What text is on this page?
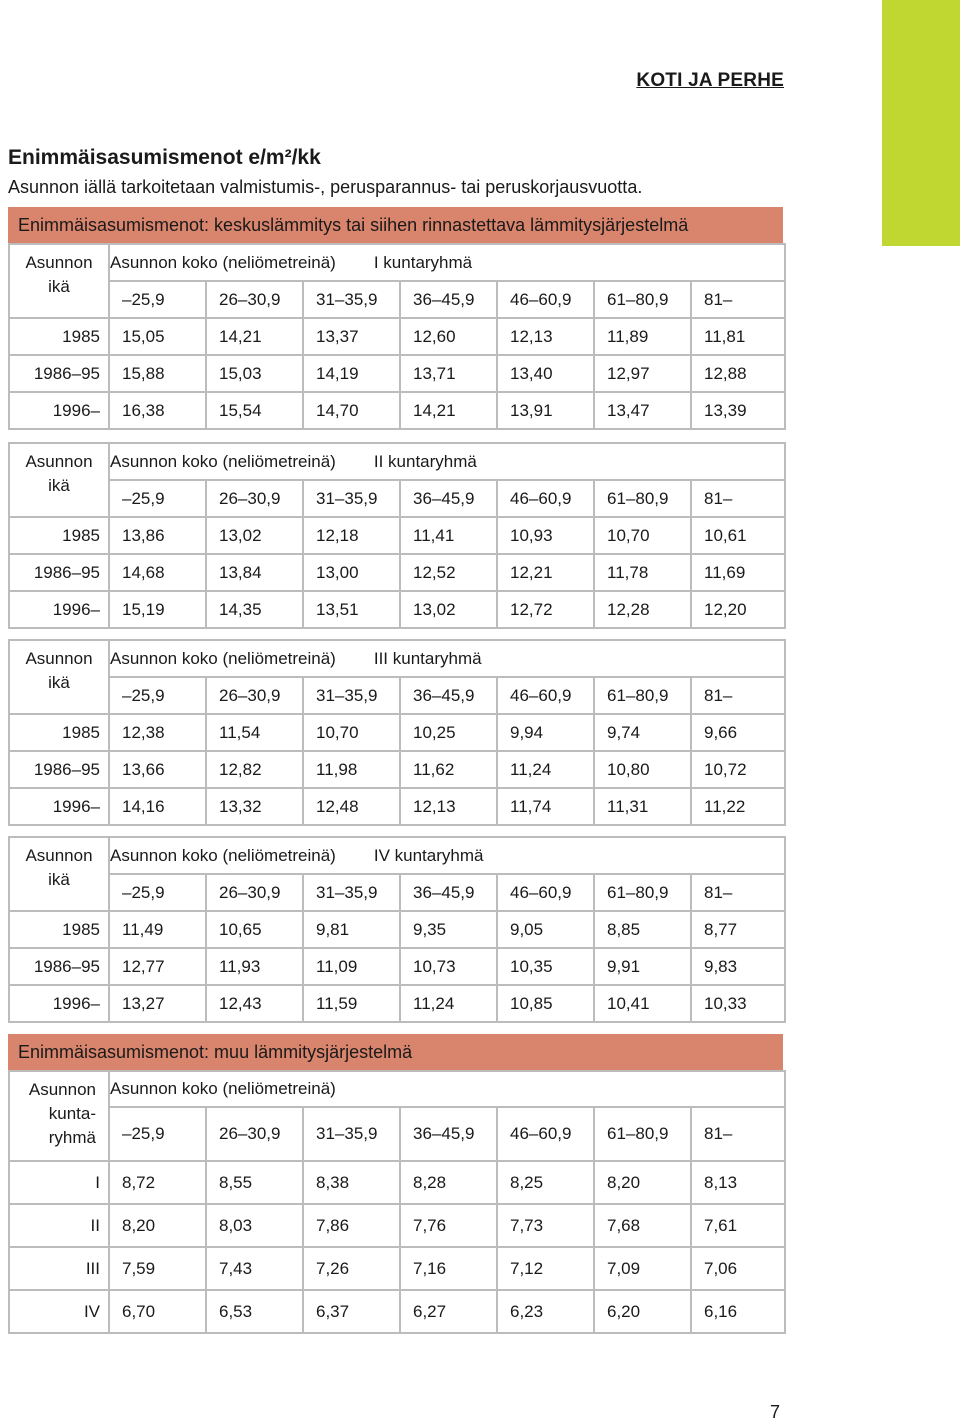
KOTI JA PERHE
Enimmäisasumismenot e/m²/kk
Asunnon iällä tarkoitetaan valmistumis-, perusparannus- tai peruskorjausvuotta.
Enimmäisasumismenot: keskuslämmitys tai siihen rinnastettava lämmitysjärjestelmä
Asunnon
ikä	Asunnon koko (neliömetreinä) I kuntaryhmä						
	–25,9	26–30,9	31–35,9	36–45,9	46–60,9	61–80,9	81–
1985	15,05	14,21	13,37	12,60	12,13	11,89	11,81
1986–95	15,88	15,03	14,19	13,71	13,40	12,97	12,88
1996–	16,38	15,54	14,70	14,21	13,91	13,47	13,39
Asunnon
ikä	Asunnon koko (neliömetreinä) II kuntaryhmä						
	–25,9	26–30,9	31–35,9	36–45,9	46–60,9	61–80,9	81–
1985	13,86	13,02	12,18	11,41	10,93	10,70	10,61
1986–95	14,68	13,84	13,00	12,52	12,21	11,78	11,69
1996–	15,19	14,35	13,51	13,02	12,72	12,28	12,20
Asunnon
ikä	Asunnon koko (neliömetreinä) III kuntaryhmä						
	–25,9	26–30,9	31–35,9	36–45,9	46–60,9	61–80,9	81–
1985	12,38	11,54	10,70	10,25	9,94	9,74	9,66
1986–95	13,66	12,82	11,98	11,62	11,24	10,80	10,72
1996–	14,16	13,32	12,48	12,13	11,74	11,31	11,22
Asunnon
ikä	Asunnon koko (neliömetreinä) IV kuntaryhmä						
	–25,9	26–30,9	31–35,9	36–45,9	46–60,9	61–80,9	81–
1985	11,49	10,65	9,81	9,35	9,05	8,85	8,77
1986–95	12,77	11,93	11,09	10,73	10,35	9,91	9,83
1996–	13,27	12,43	11,59	11,24	10,85	10,41	10,33
Enimmäisasumismenot: muu lämmitysjärjestelmä
Asunnon
kunta-
ryhmä	Asunnon koko (neliömetreinä)						
	–25,9	26–30,9	31–35,9	36–45,9	46–60,9	61–80,9	81–
I	8,72	8,55	8,38	8,28	8,25	8,20	8,13
II	8,20	8,03	7,86	7,76	7,73	7,68	7,61
III	7,59	7,43	7,26	7,16	7,12	7,09	7,06
IV	6,70	6,53	6,37	6,27	6,23	6,20	6,16
7
